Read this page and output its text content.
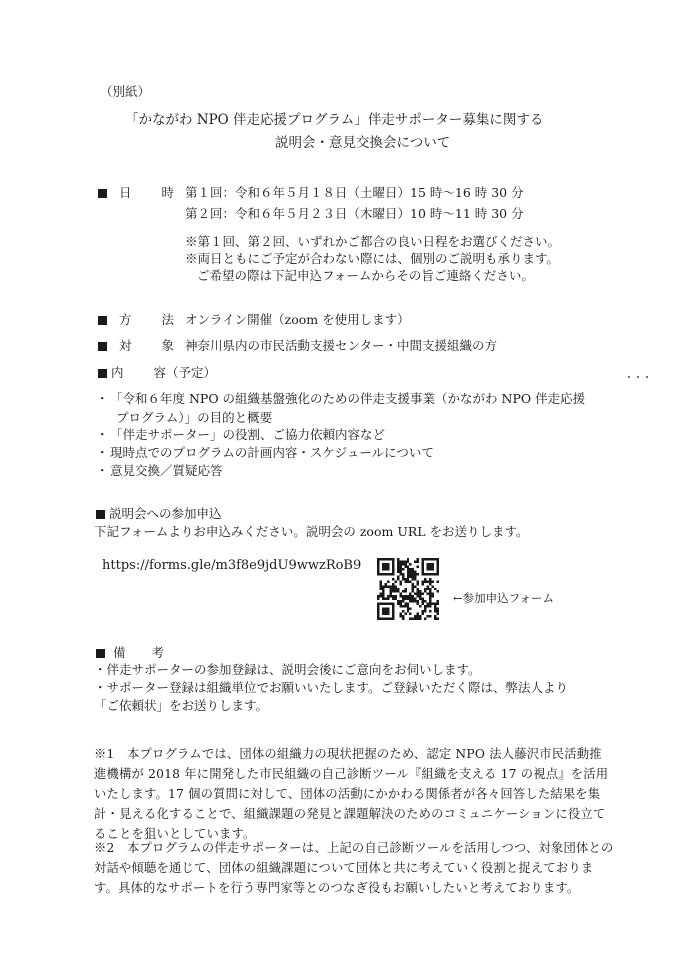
（別紙）
「かながわ NPO 伴走応援プログラム」伴走サポーター募集に関する
説明会・意見交換会について
日 時 第１回：令和６年５月１８日（土曜日）15 時～16 時 30 分
第２回：令和６年５月２３日（木曜日）10 時～11 時 30 分
※第１回、第２回、いずれかご都合の良い日程をお選びください。
※両日ともにご予定が合わない際には、個別のご説明も承ります。
ご希望の際は下記申込フォームからその旨ご連絡ください。
方 法 オンライン開催（zoom を使用します）
対 象 神奈川県内の市民活動支援センター・中間支援組織の方
内 容（予定）
・ 「令和６年度 NPO の組織基盤強化のための伴走支援事業（かながわ NPO 伴走応援
プログラム）」の目的と概要
・ 「伴走サポーター」の役割、ご協力依頼内容など
・ 現時点でのプログラムの計画内容・スケジュールについて
・ 意見交換／質疑応答
説明会への参加申込
下記フォームよりお申込みください。説明会の zoom URL をお送りします。
https://forms.gle/m3f8e9jdU9wwzRoB9
←参加申込フォーム
備 考
・伴走サポーターの参加登録は、説明会後にご意向をお伺いします。
・サポーター登録は組織単位でお願いいたします。ご登録いただく際は、弊法人より
「ご依頼状」をお送りします。
※1　本プログラムでは、団体の組織力の現状把握のため、認定 NPO 法人藤沢市民活動推進機構が 2018 年に開発した市民組織の自己診断ツール『組織を支える 17 の視点』を活用いたします。17 個の質問に対して、団体の活動にかかわる関係者が各々回答した結果を集計・見える化することで、組織課題の発見と課題解決のためのコミュニケーションに役立てることを狙いとしています。
※2　本プログラムの伴走サポーターは、上記の自己診断ツールを活用しつつ、対象団体との対話や傾聴を通じて、団体の組織課題について団体と共に考えていく役割と捉えております。具体的なサポートを行う専門家等とのつなぎ役もお願いしたいと考えております。
